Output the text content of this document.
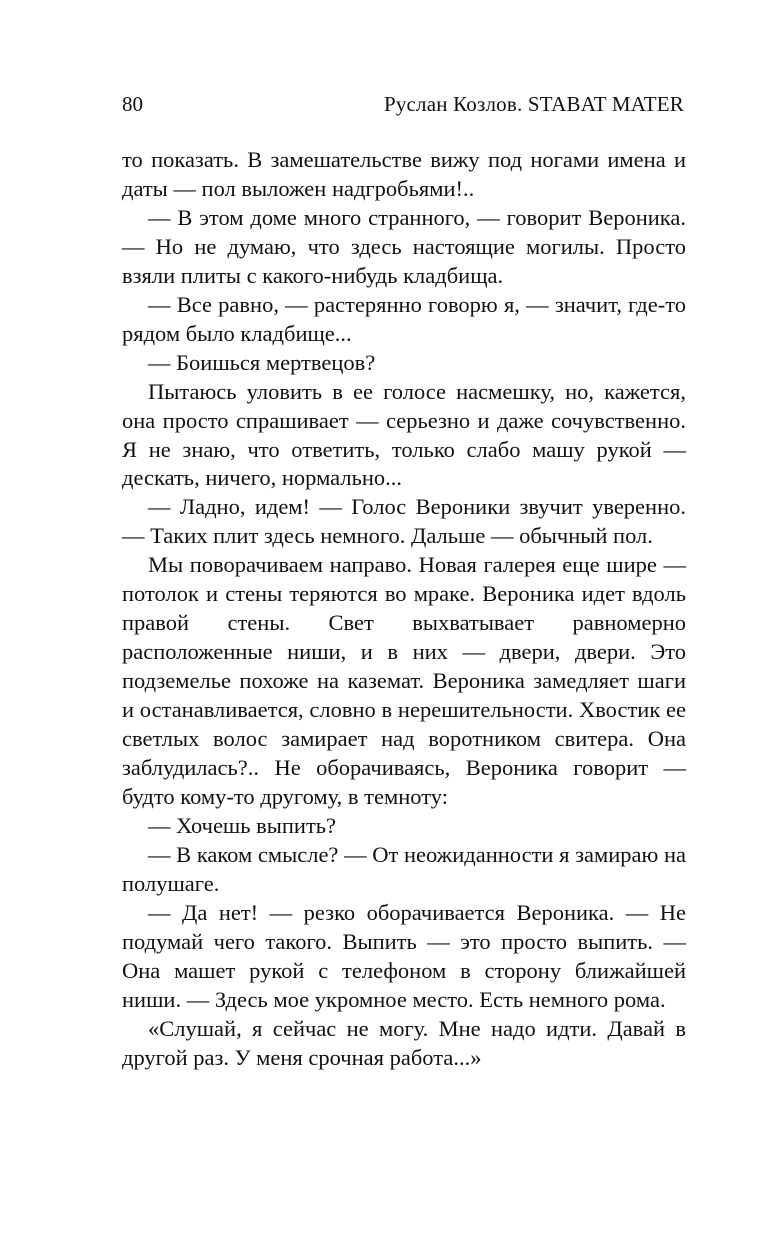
80	Руслан Козлов. STABAT MATER

то показать. В замешательстве вижу под ногами имена и даты — пол выложен надгробьями!..

— В этом доме много странного, — говорит Вероника. — Но не думаю, что здесь настоящие могилы. Просто взяли плиты с какого-нибудь кладбища.

— Все равно, — растерянно говорю я, — значит, где-то рядом было кладбище...

— Боишься мертвецов?

Пытаюсь уловить в ее голосе насмешку, но, кажется, она просто спрашивает — серьезно и даже сочувственно. Я не знаю, что ответить, только слабо машу рукой — дескать, ничего, нормально...

— Ладно, идем! — Голос Вероники звучит уверенно. — Таких плит здесь немного. Дальше — обычный пол.

Мы поворачиваем направо. Новая галерея еще шире — потолок и стены теряются во мраке. Вероника идет вдоль правой стены. Свет выхватывает равномерно расположенные ниши, и в них — двери, двери. Это подземелье похоже на каземат. Вероника замедляет шаги и останавливается, словно в нерешительности. Хвостик ее светлых волос замирает над воротником свитера. Она заблудилась?.. Не оборачиваясь, Вероника говорит — будто кому-то другому, в темноту:

— Хочешь выпить?

— В каком смысле? — От неожиданности я замираю на полушаге.

— Да нет! — резко оборачивается Вероника. — Не подумай чего такого. Выпить — это просто выпить. — Она машет рукой с телефоном в сторону ближайшей ниши. — Здесь мое укромное место. Есть немного рома.

«Слушай, я сейчас не могу. Мне надо идти. Давай в другой раз. У меня срочная работа...»
